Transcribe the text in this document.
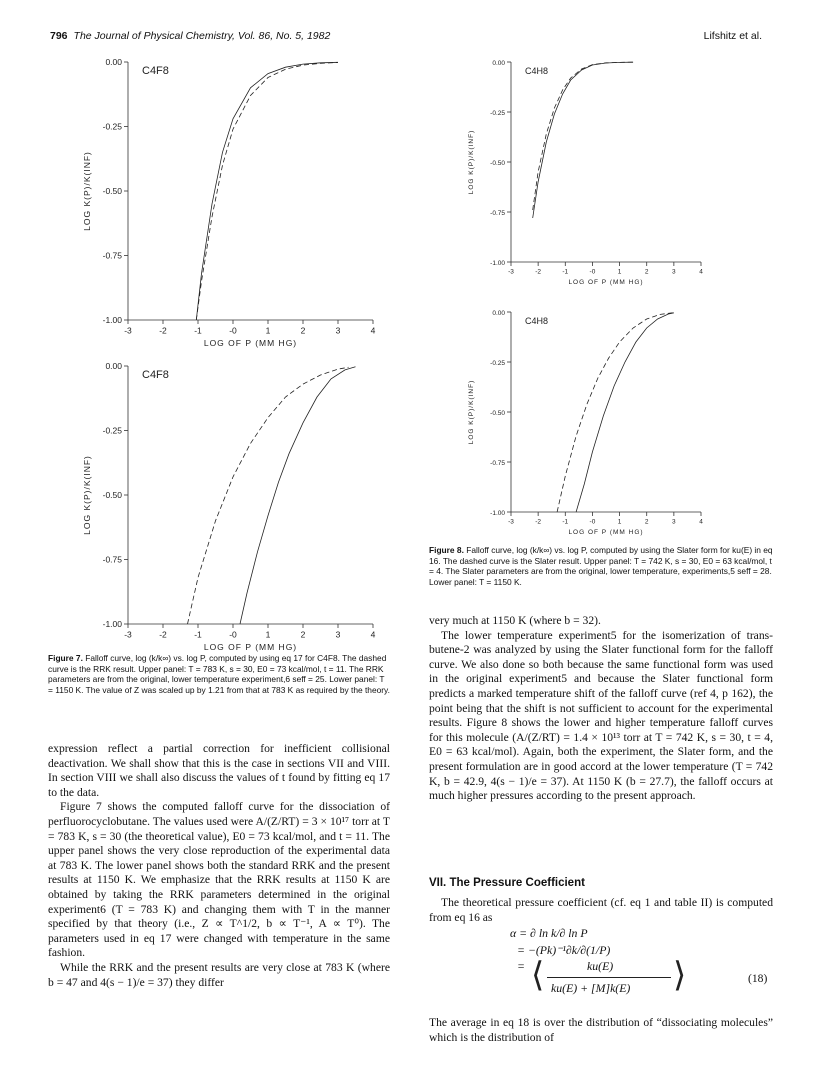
796 The Journal of Physical Chemistry, Vol. 86, No. 5, 1982	Lifshitz et al.
0.00
-0.25
-0.50
-0.75
-1.00
-3	-2	-1	-0	1	2	3	4
LOG OF P (MM HG)
LOG K(P)/K(INF)
C4F8
0.00
-0.25
-0.50
-0.75
-1.00
-3	-2	-1	-0	1	2	3	4
LOG OF P (MM HG)
LOG K(P)/K(INF)
C4F8
0.00
-0.25
-0.50
-0.75
-1.00
-3	-2	-1	-0	1	2	3	4
LOG OF P (MM HG)
LOG K(P)/K(INF)
C4H8
0.00
-0.25
-0.50
-0.75
-1.00
-3	-2	-1	-0	1	2	3	4
LOG OF P (MM HG)
LOG K(P)/K(INF)
C4H8
Figure 7. Falloff curve, log (k/k∞) vs. log P, computed by using eq 17 for C4F8. The dashed curve is the RRK result. Upper panel: T = 783 K, s = 30, E0 = 73 kcal/mol, t = 11. The RRK parameters are from the original, lower temperature experiment,6 seff = 25. Lower panel: T = 1150 K. The value of Z was scaled up by 1.21 from that at 783 K as required by the theory.
Figure 8. Falloff curve, log (k/k∞) vs. log P, computed by using the Slater form for ku(E) in eq 16. The dashed curve is the Slater result. Upper panel: T = 742 K, s = 30, E0 = 63 kcal/mol, t = 4. The Slater parameters are from the original, lower temperature, experiments,5 seff = 28. Lower panel: T = 1150 K.

expression reflect a partial correction for inefficient collisional deactivation. We shall show that this is the case in sections VII and VIII. In section VIII we shall also discuss the values of t found by fitting eq 17 to the data.

Figure 7 shows the computed falloff curve for the dissociation of perfluorocyclobutane. The values used were A/(Z/RT) = 3 × 10¹⁷ torr at T = 783 K, s = 30 (the theoretical value), E0 = 73 kcal/mol, and t = 11. The upper panel shows the very close reproduction of the experimental data at 783 K. The lower panel shows both the standard RRK and the present results at 1150 K. We emphasize that the RRK results at 1150 K are obtained by taking the RRK parameters determined in the original experiment6 (T = 783 K) and changing them with T in the manner specified by that theory (i.e., Z ∝ T^1/2, b ∝ T⁻¹, A ∝ T⁰). The parameters used in eq 17 were changed with temperature in the same fashion.

While the RRK and the present results are very close at 783 K (where b = 47 and 4(s − 1)/e = 37) they differ

very much at 1150 K (where b = 32).

The lower temperature experiment5 for the isomerization of trans-butene-2 was analyzed by using the Slater functional form for the falloff curve. We also done so both because the same functional form was used in the original experiment5 and because the Slater functional form predicts a marked temperature shift of the falloff curve (ref 4, p 162), the point being that the shift is not sufficient to account for the experimental results. Figure 8 shows the lower and higher temperature falloff curves for this molecule (A/(Z/RT) = 1.4 × 10¹³ torr at T = 742 K, s = 30, t = 4, E0 = 63 kcal/mol). Again, both the experiment, the Slater form, and the present formulation are in good accord at the lower temperature (T = 742 K, b = 42.9, 4(s − 1)/e = 37). At 1150 K (b = 27.7), the falloff occurs at much higher pressures according to the present approach.

VII. The Pressure Coefficient

The theoretical pressure coefficient (cf. eq 1 and table II) is computed from eq 16 as

α = ∂ ln k/∂ ln P
= −(Pk)⁻¹∂k/∂(1/P)
= ⟨	ku(E)
ku(E) + [M]k(E) ⟩	(18)

The average in eq 18 is over the distribution of “dissociating molecules” which is the distribution of
